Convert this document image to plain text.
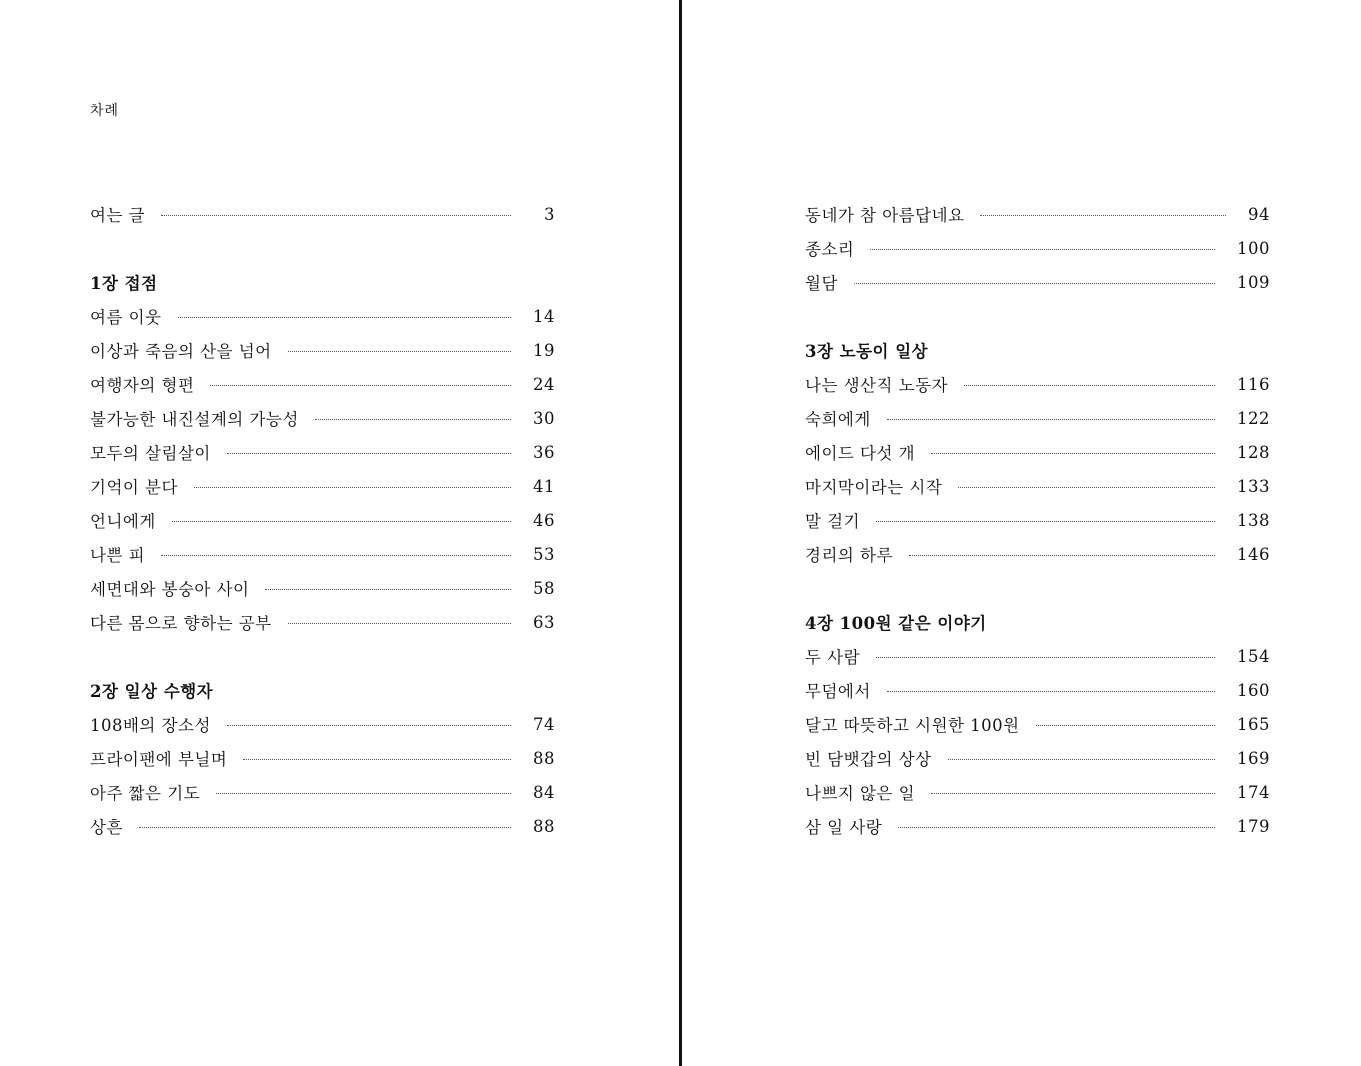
차례
여는 글	3
1장 접점
여름 이웃	14
이상과 죽음의 산을 넘어	19
여행자의 형편	24
불가능한 내진설계의 가능성	30
모두의 살림살이	36
기억이 분다	41
언니에게	46
나쁜 피	53
세면대와 봉숭아 사이	58
다른 몸으로 향하는 공부	63
2장 일상 수행자
108배의 장소성	74
프라이팬에 부닐며	88
아주 짧은 기도	84
상흔	88
동네가 참 아름답네요	94
종소리	100
월담	109
3장 노동이 일상
나는 생산직 노동자	116
숙희에게	122
에이드 다섯 개	128
마지막이라는 시작	133
말 걸기	138
경리의 하루	146
4장 100원 같은 이야기
두 사람	154
무덤에서	160
달고 따뜻하고 시원한 100원	165
빈 담뱃갑의 상상	169
나쁘지 않은 일	174
삼 일 사랑	179
